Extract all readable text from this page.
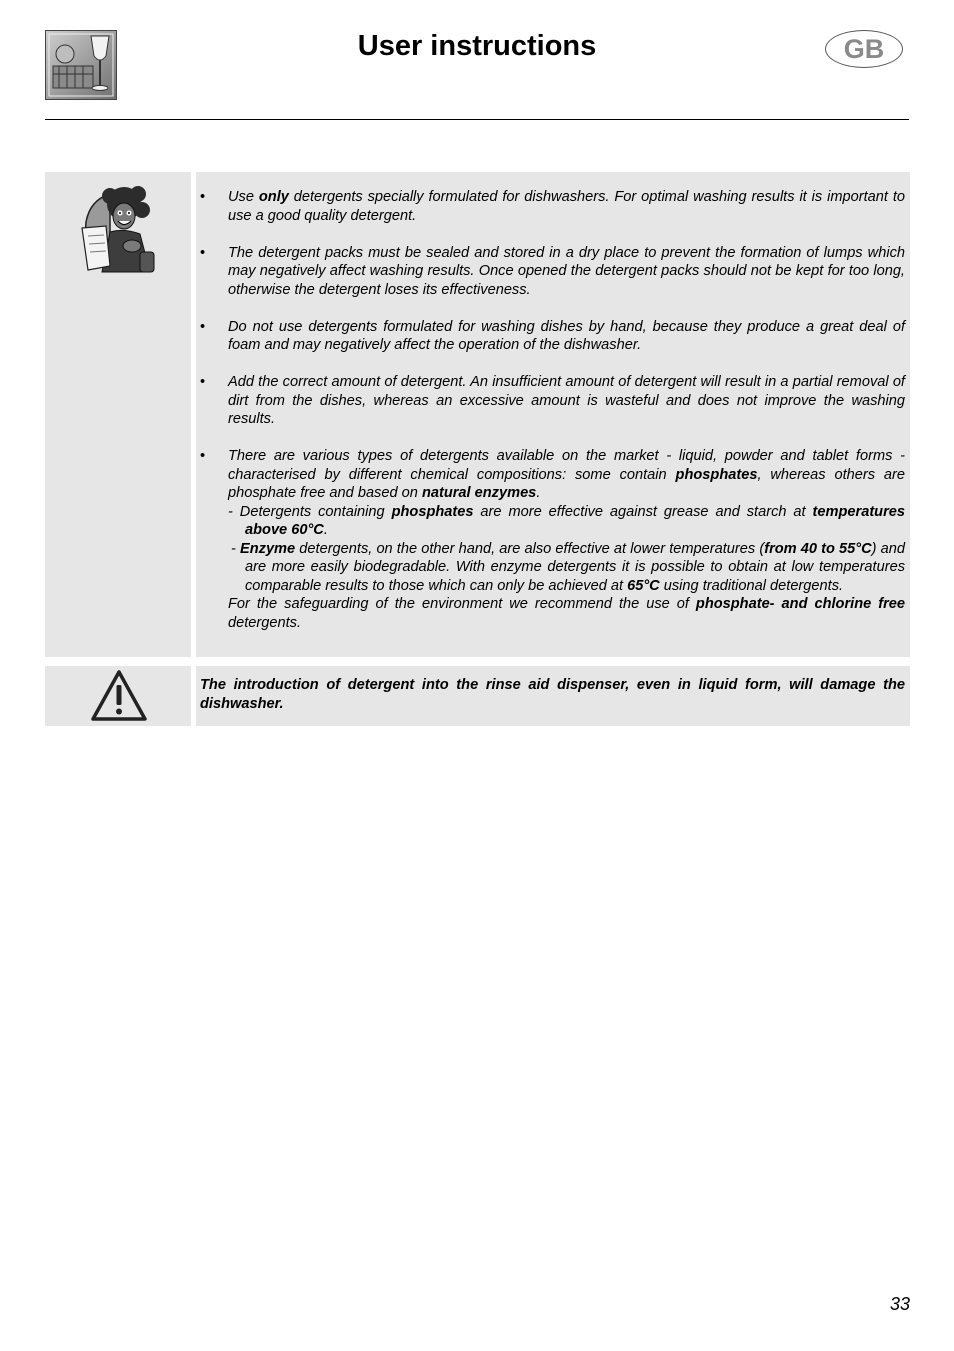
User instructions	GB
• Use only detergents specially formulated for dishwashers. For optimal washing results it is important to use a good quality detergent.
• The detergent packs must be sealed and stored in a dry place to prevent the formation of lumps which may negatively affect washing results. Once opened the detergent packs should not be kept for too long, otherwise the detergent loses its effectiveness.
• Do not use detergents formulated for washing dishes by hand, because they produce a great deal of foam and may negatively affect the operation of the dishwasher.
• Add the correct amount of detergent. An insufficient amount of detergent will result in a partial removal of dirt from the dishes, whereas an excessive amount is wasteful and does not improve the washing results.
• There are various types of detergents available on the market - liquid, powder and tablet forms - characterised by different chemical compositions: some contain phosphates, whereas others are phosphate free and based on natural enzymes.
- Detergents containing phosphates are more effective against grease and starch at temperatures above 60°C.
- Enzyme detergents, on the other hand, are also effective at lower temperatures (from 40 to 55°C) and are more easily biodegradable. With enzyme detergents it is possible to obtain at low temperatures comparable results to those which can only be achieved at 65°C using traditional detergents.
For the safeguarding of the environment we recommend the use of phosphate- and chlorine free detergents.
The introduction of detergent into the rinse aid dispenser, even in liquid form, will damage the dishwasher.
33
